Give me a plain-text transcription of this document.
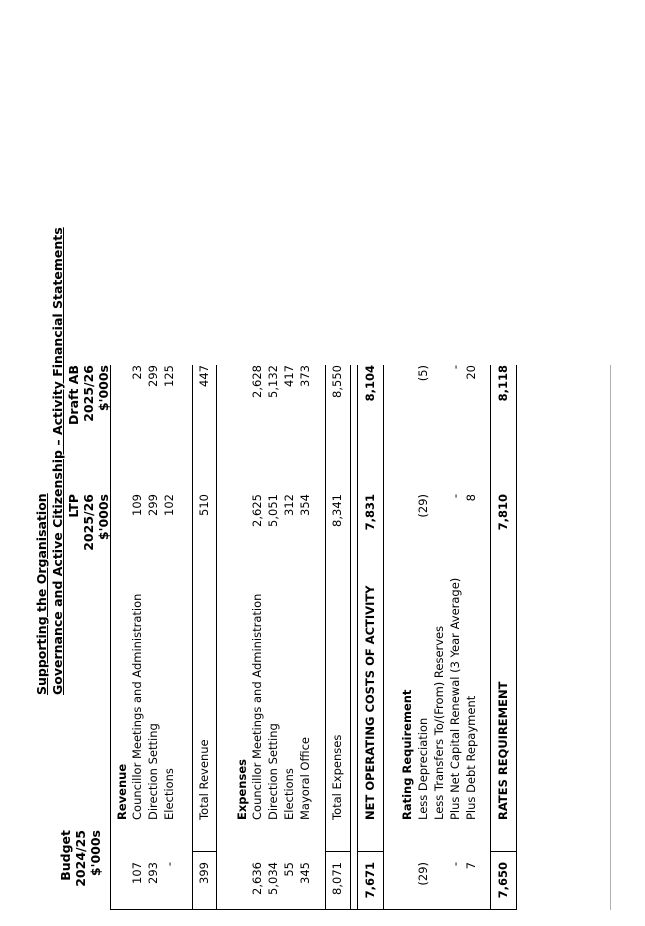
Supporting the Organisation Governance and Active Citizenship – Activity Financial Statements
Budget 2024/25 $'000s
LTP 2025/26 $'000s
Draft AB 2025/26 $'000s
Revenue
107
Councillor Meetings and Administration
109
23
293
Direction Setting
299
299
-
Elections
102
125
399
Total Revenue
510
447
Expenses
2,636
Councillor Meetings and Administration
2,625
2,628
5,034
Direction Setting
5,051
5,132
55
Elections
312
417
345
Mayoral Office
354
373
8,071
Total Expenses
8,341
8,550
7,671
NET OPERATING COSTS OF ACTIVITY
7,831
8,104
Rating Requirement
(29)
Less Depreciation
(29)
(5)
Less Transfers To/(From) Reserves
-
Plus Net Capital Renewal (3 Year Average)
-
-
7
Plus Debt Repayment
8
20
7,650
RATES REQUIREMENT
7,810
8,118
